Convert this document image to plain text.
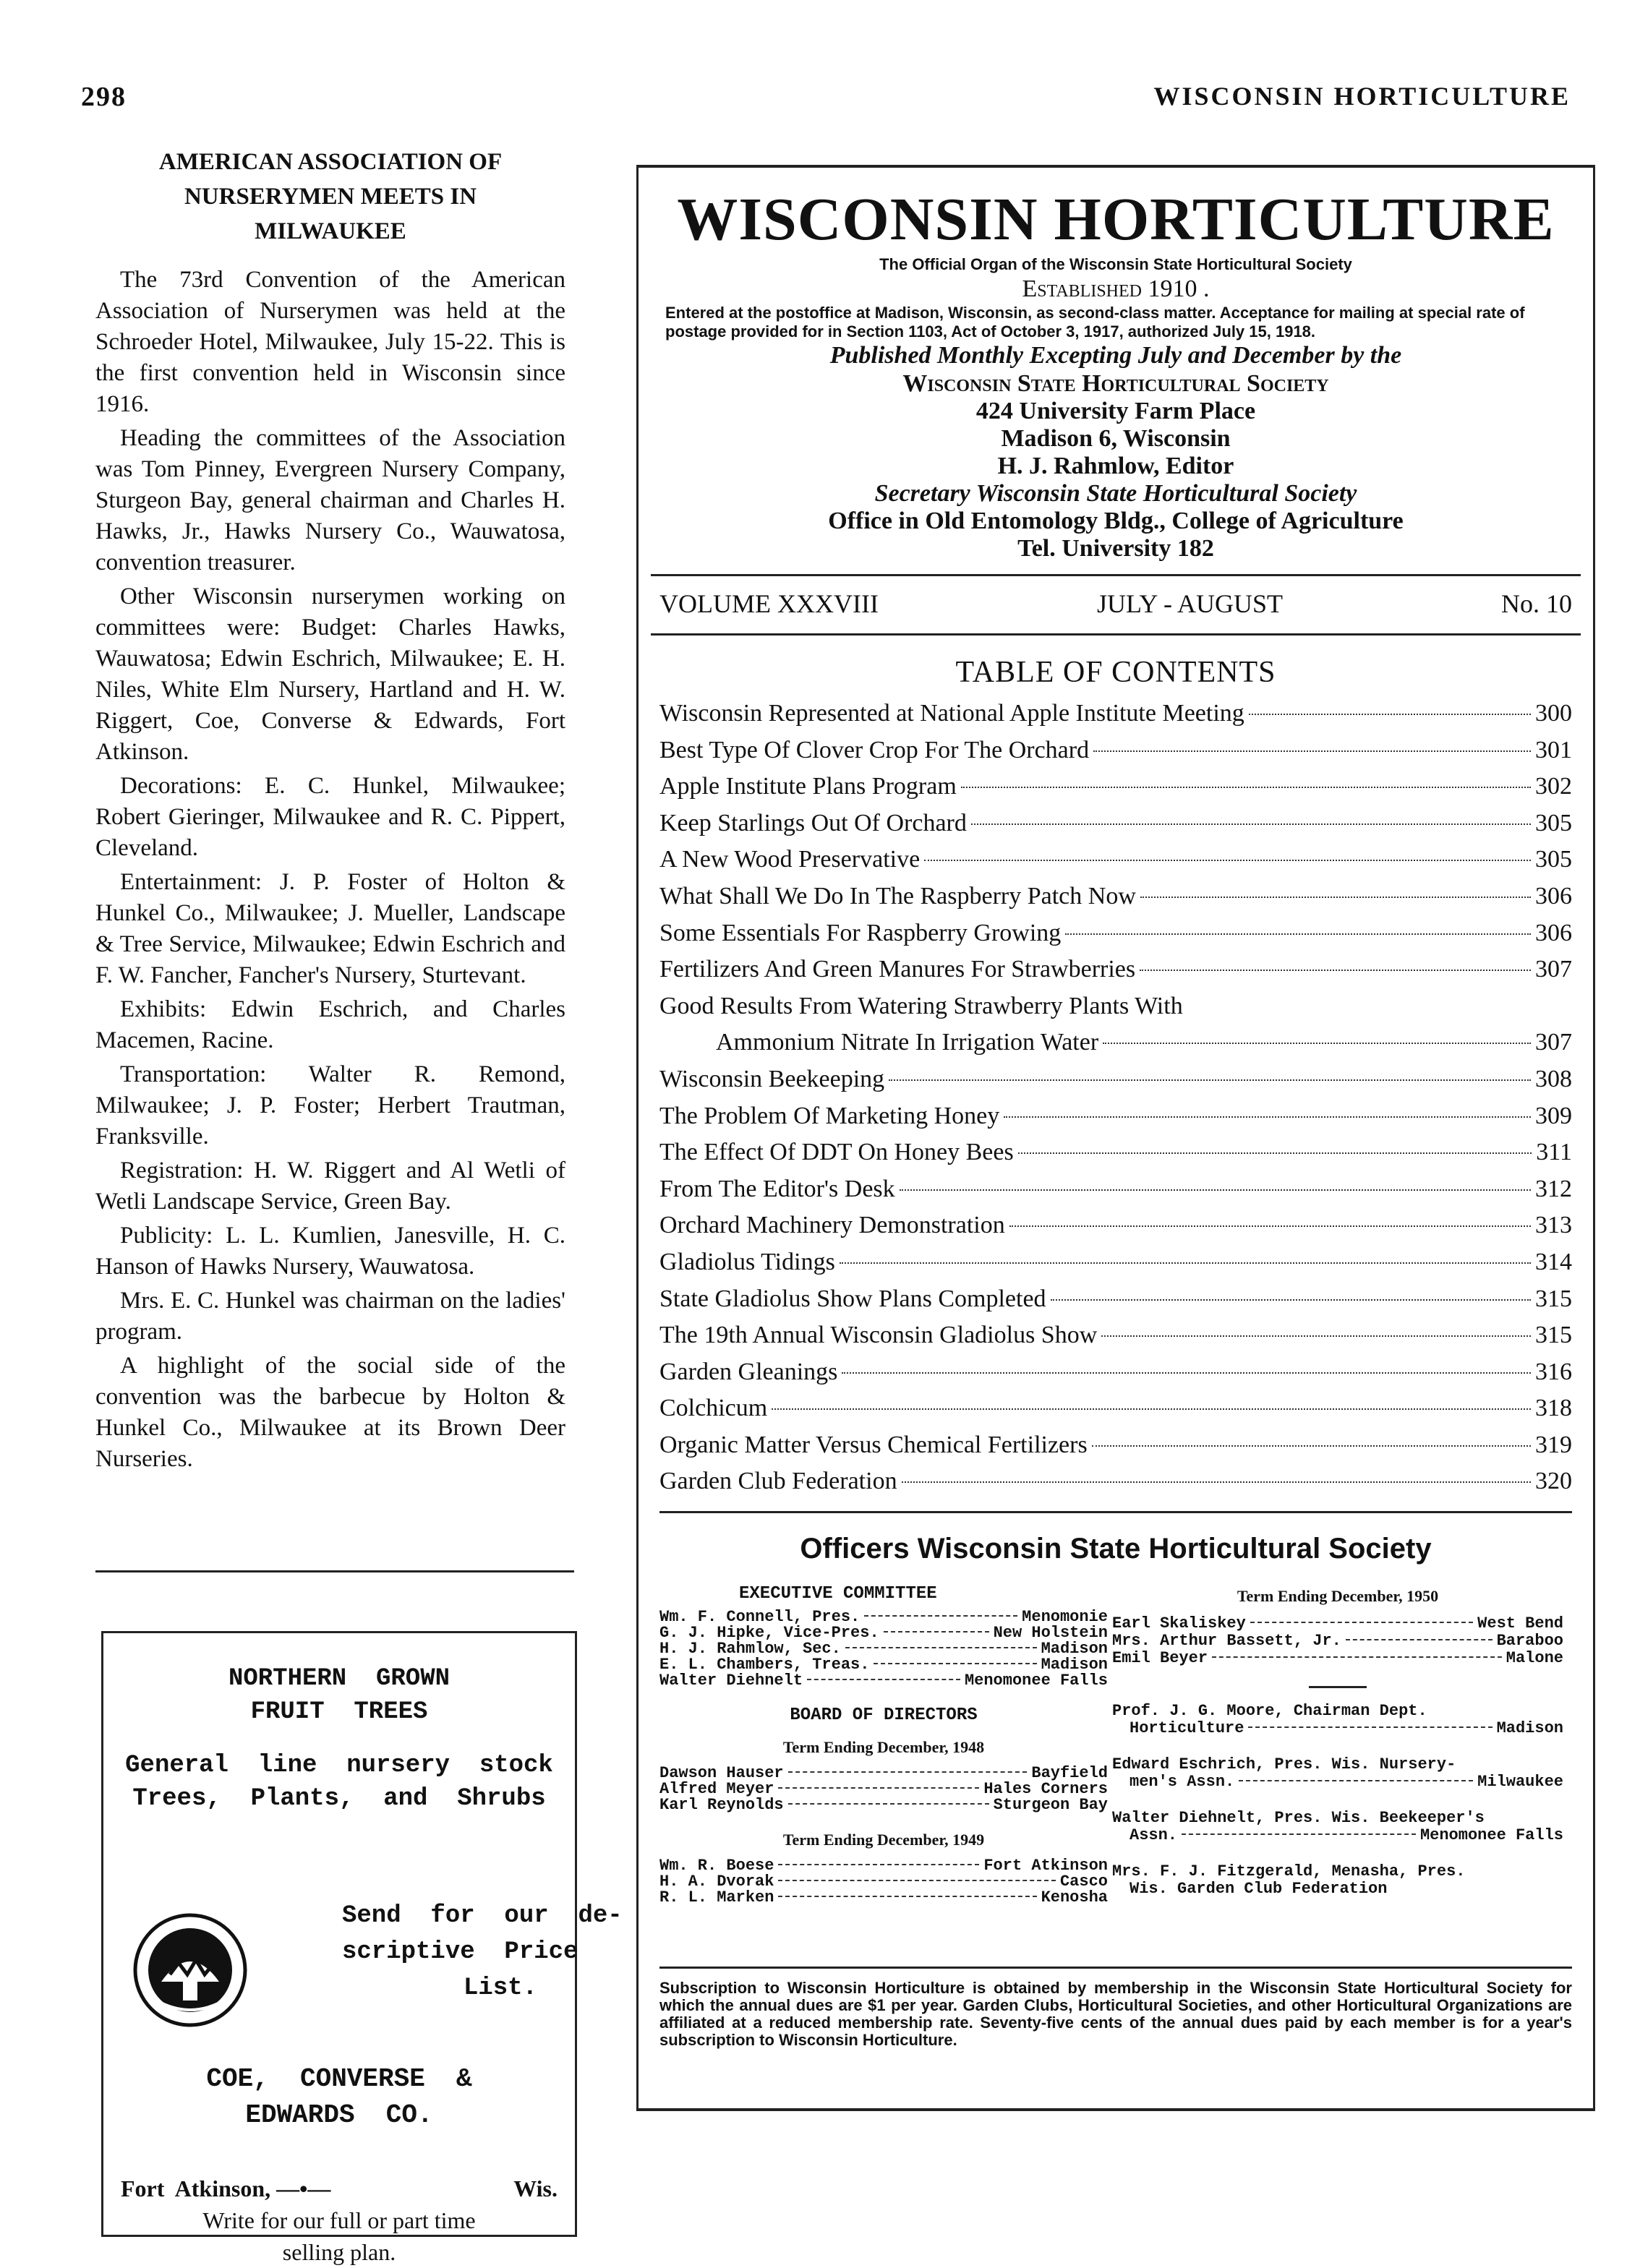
298	WISCONSIN HORTICULTURE
AMERICAN ASSOCIATION OF
NURSERYMEN MEETS IN
MILWAUKEE

The 73rd Convention of the American Association of Nurserymen was held at the Schroeder Hotel, Milwaukee, July 15-22. This is the first convention held in Wisconsin since 1916.

Heading the committees of the Association was Tom Pinney, Evergreen Nursery Company, Sturgeon Bay, general chairman and Charles H. Hawks, Jr., Hawks Nursery Co., Wauwatosa, convention treasurer.

Other Wisconsin nurserymen working on committees were: Budget: Charles Hawks, Wauwatosa; Edwin Eschrich, Milwaukee; E. H. Niles, White Elm Nursery, Hartland and H. W. Riggert, Coe, Converse & Edwards, Fort Atkinson.

Decorations: E. C. Hunkel, Milwaukee; Robert Gieringer, Milwaukee and R. C. Pippert, Cleveland.

Entertainment: J. P. Foster of Holton & Hunkel Co., Milwaukee; J. Mueller, Landscape & Tree Service, Milwaukee; Edwin Eschrich and F. W. Fancher, Fancher's Nursery, Sturtevant.

Exhibits: Edwin Eschrich, and Charles Macemen, Racine.

Transportation: Walter R. Remond, Milwaukee; J. P. Foster; Herbert Trautman, Franksville.

Registration: H. W. Riggert and Al Wetli of Wetli Landscape Service, Green Bay.

Publicity: L. L. Kumlien, Janesville, H. C. Hanson of Hawks Nursery, Wauwatosa.

Mrs. E. C. Hunkel was chairman on the ladies' program.

A highlight of the social side of the convention was the barbecue by Holton & Hunkel Co., Milwaukee at its Brown Deer Nurseries.

NORTHERN  GROWN
FRUIT  TREES
General  line  nursery  stock
Trees,  Plants,  and  Shrubs
Send  for  our  de-
scriptive  Price
List.
COE,  CONVERSE  &
EDWARDS  CO.
Fort  Atkinson, —•—	Wis.
Write for our full or part time
selling plan.
WISCONSIN HORTICULTURE
The Official Organ of the Wisconsin State Horticultural Society
Established 1910 .
Entered at the postoffice at Madison, Wisconsin, as second-class matter. Acceptance for mailing at special rate of postage provided for in Section 1103, Act of October 3, 1917, authorized July 15, 1918.
Published Monthly Excepting July and December by the
Wisconsin State Horticultural Society
424 University Farm Place
Madison 6, Wisconsin
H. J. Rahmlow, Editor
Secretary Wisconsin State Horticultural Society
Office in Old Entomology Bldg., College of Agriculture
Tel. University 182
VOLUME XXXVIII	JULY - AUGUST	No. 10
TABLE OF CONTENTS
Wisconsin Represented at National Apple Institute Meeting	300
Best Type Of Clover Crop For The Orchard	301
Apple Institute Plans Program	302
Keep Starlings Out Of Orchard	305
A New Wood Preservative	305
What Shall We Do In The Raspberry Patch Now	306
Some Essentials For Raspberry Growing	306
Fertilizers And Green Manures For Strawberries	307
Good Results From Watering Strawberry Plants With
Ammonium Nitrate In Irrigation Water	307
Wisconsin Beekeeping	308
The Problem Of Marketing Honey	309
The Effect Of DDT On Honey Bees	311
From The Editor's Desk	312
Orchard Machinery Demonstration	313
Gladiolus Tidings	314
State Gladiolus Show Plans Completed	315
The 19th Annual Wisconsin Gladiolus Show	315
Garden Gleanings	316
Colchicum	318
Organic Matter Versus Chemical Fertilizers	319
Garden Club Federation	320
Officers Wisconsin State Horticultural Society
EXECUTIVE COMMITTEE
Wm. F. Connell, Pres.	Menomonie
G. J. Hipke, Vice-Pres.	New Holstein
H. J. Rahmlow, Sec.	Madison
E. L. Chambers, Treas.	Madison
Walter Diehnelt	Menomonee Falls
BOARD OF DIRECTORS
Term Ending December, 1948
Dawson Hauser	Bayfield
Alfred Meyer	Hales Corners
Karl Reynolds	Sturgeon Bay
Term Ending December, 1949
Wm. R. Boese	Fort Atkinson
H. A. Dvorak	Casco
R. L. Marken	Kenosha
Term Ending December, 1950
Earl Skaliskey	West Bend
Mrs. Arthur Bassett, Jr.	Baraboo
Emil Beyer	Malone
Prof. J. G. Moore, Chairman Dept.
Horticulture	Madison
Edward Eschrich, Pres. Wis. Nursery-
men's Assn.	Milwaukee
Walter Diehnelt, Pres. Wis. Beekeeper's
Assn.	Menomonee Falls
Mrs. F. J. Fitzgerald, Menasha, Pres.
Wis. Garden Club Federation
Subscription to Wisconsin Horticulture is obtained by membership in the Wisconsin State Horticultural Society for which the annual dues are $1 per year. Garden Clubs, Horticultural Societies, and other Horticultural Organizations are affiliated at a reduced membership rate. Seventy-five cents of the annual dues paid by each member is for a year's subscription to Wisconsin Horticulture.
